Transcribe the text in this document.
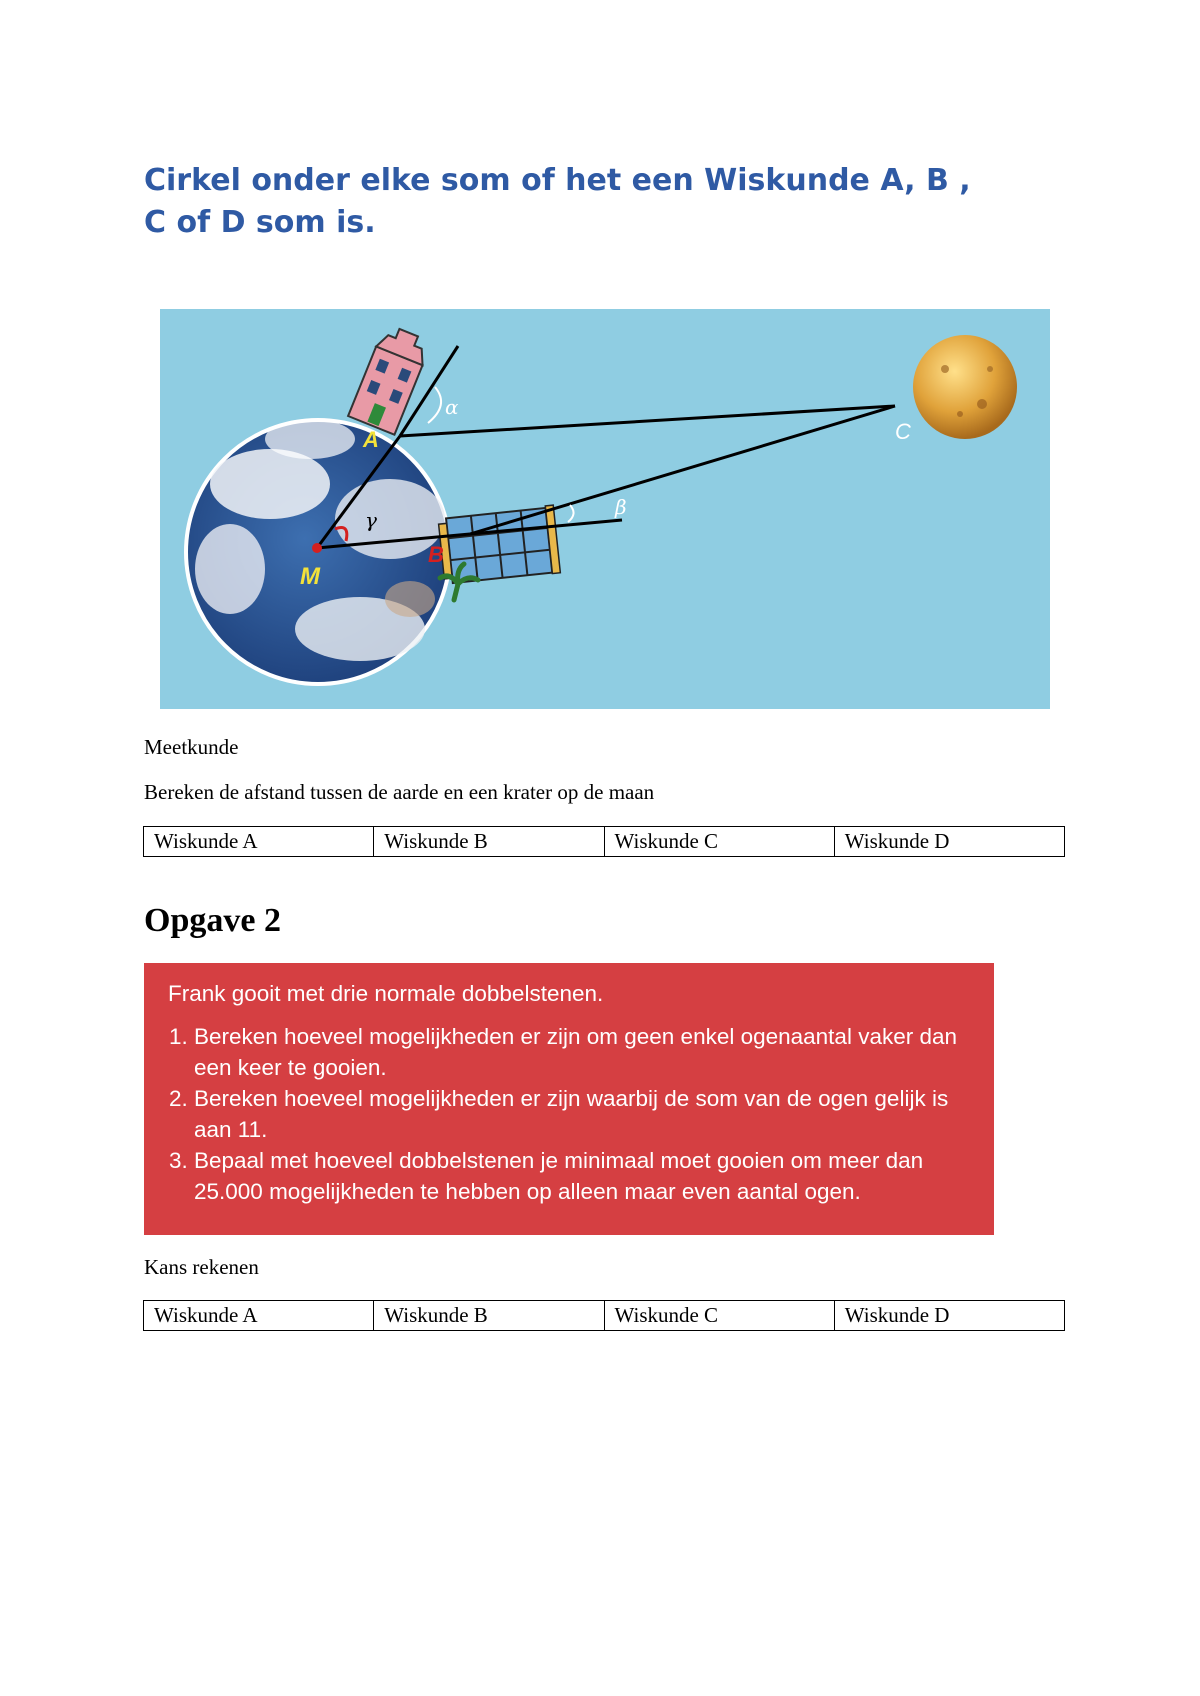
Cirkel onder elke som of het een Wiskunde A, B ,
C of D som is.
A
B
C
M
α
β
γ

Meetkunde

Bereken de afstand tussen de aarde en een krater op de maan

Wiskunde A	Wiskunde B	Wiskunde C	Wiskunde D
Opgave 2

Frank gooit met drie normale dobbelstenen.

1. Bereken hoeveel mogelijkheden er zijn om geen enkel ogenaantal vaker dan een keer te gooien.
2. Bereken hoeveel mogelijkheden er zijn waarbij de som van de ogen gelijk is aan 11.
3. Bepaal met hoeveel dobbelstenen je minimaal moet gooien om meer dan 25.000 mogelijkheden te hebben op alleen maar even aantal ogen.

Kans rekenen

Wiskunde A	Wiskunde B	Wiskunde C	Wiskunde D
